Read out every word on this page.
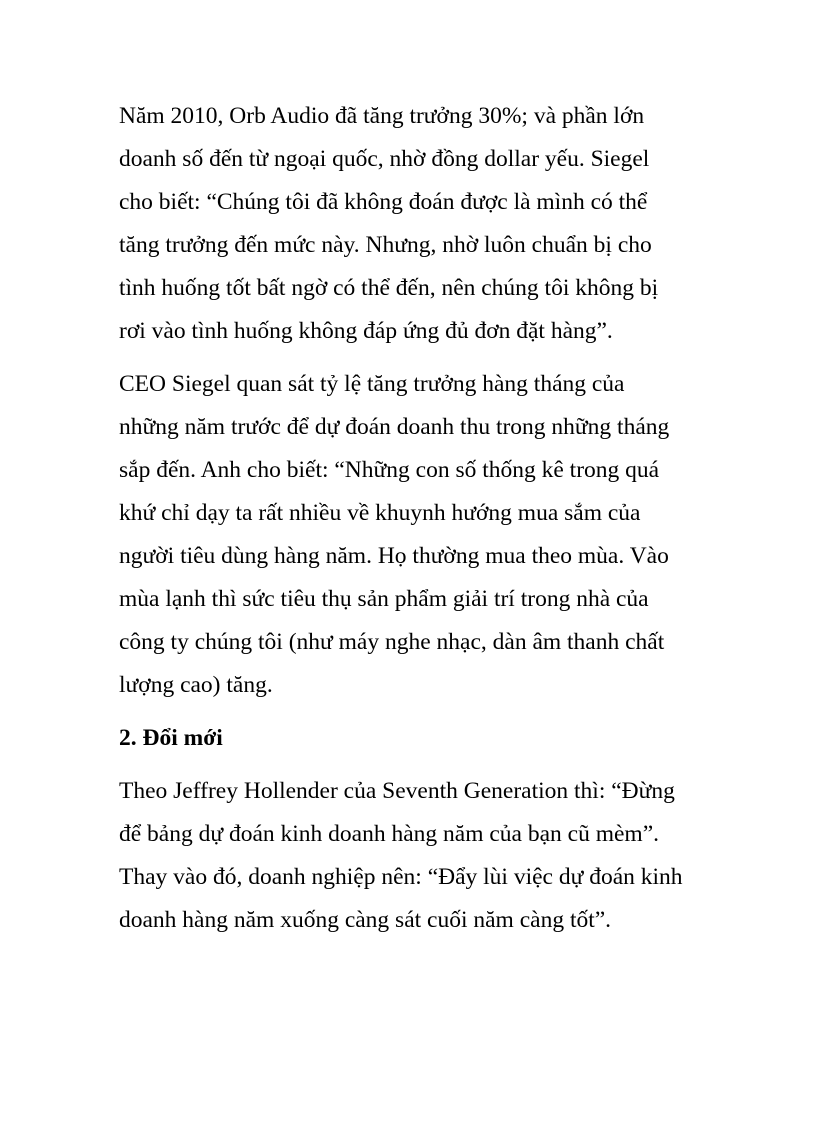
Năm 2010, Orb Audio đã tăng trưởng 30%; và phần lớn
doanh số đến từ ngoại quốc, nhờ đồng dollar yếu. Siegel
cho biết: “Chúng tôi đã không đoán được là mình có thể
tăng trưởng đến mức này. Nhưng, nhờ luôn chuẩn bị cho
tình huống tốt bất ngờ có thể đến, nên chúng tôi không bị
rơi vào tình huống không đáp ứng đủ đơn đặt hàng”.
CEO Siegel quan sát tỷ lệ tăng trưởng hàng tháng của
những năm trước để dự đoán doanh thu trong những tháng
sắp đến. Anh cho biết: “Những con số thống kê trong quá
khứ chỉ dạy ta rất nhiều về khuynh hướng mua sắm của
người tiêu dùng hàng năm. Họ thường mua theo mùa. Vào
mùa lạnh thì sức tiêu thụ sản phẩm giải trí trong nhà của
công ty chúng tôi (như máy nghe nhạc, dàn âm thanh chất
lượng cao) tăng.
2. Đổi mới
Theo Jeffrey Hollender của Seventh Generation thì: “Đừng
để bảng dự đoán kinh doanh hàng năm của bạn cũ mèm”.
Thay vào đó, doanh nghiệp nên: “Đẩy lùi việc dự đoán kinh
doanh hàng năm xuống càng sát cuối năm càng tốt”.
